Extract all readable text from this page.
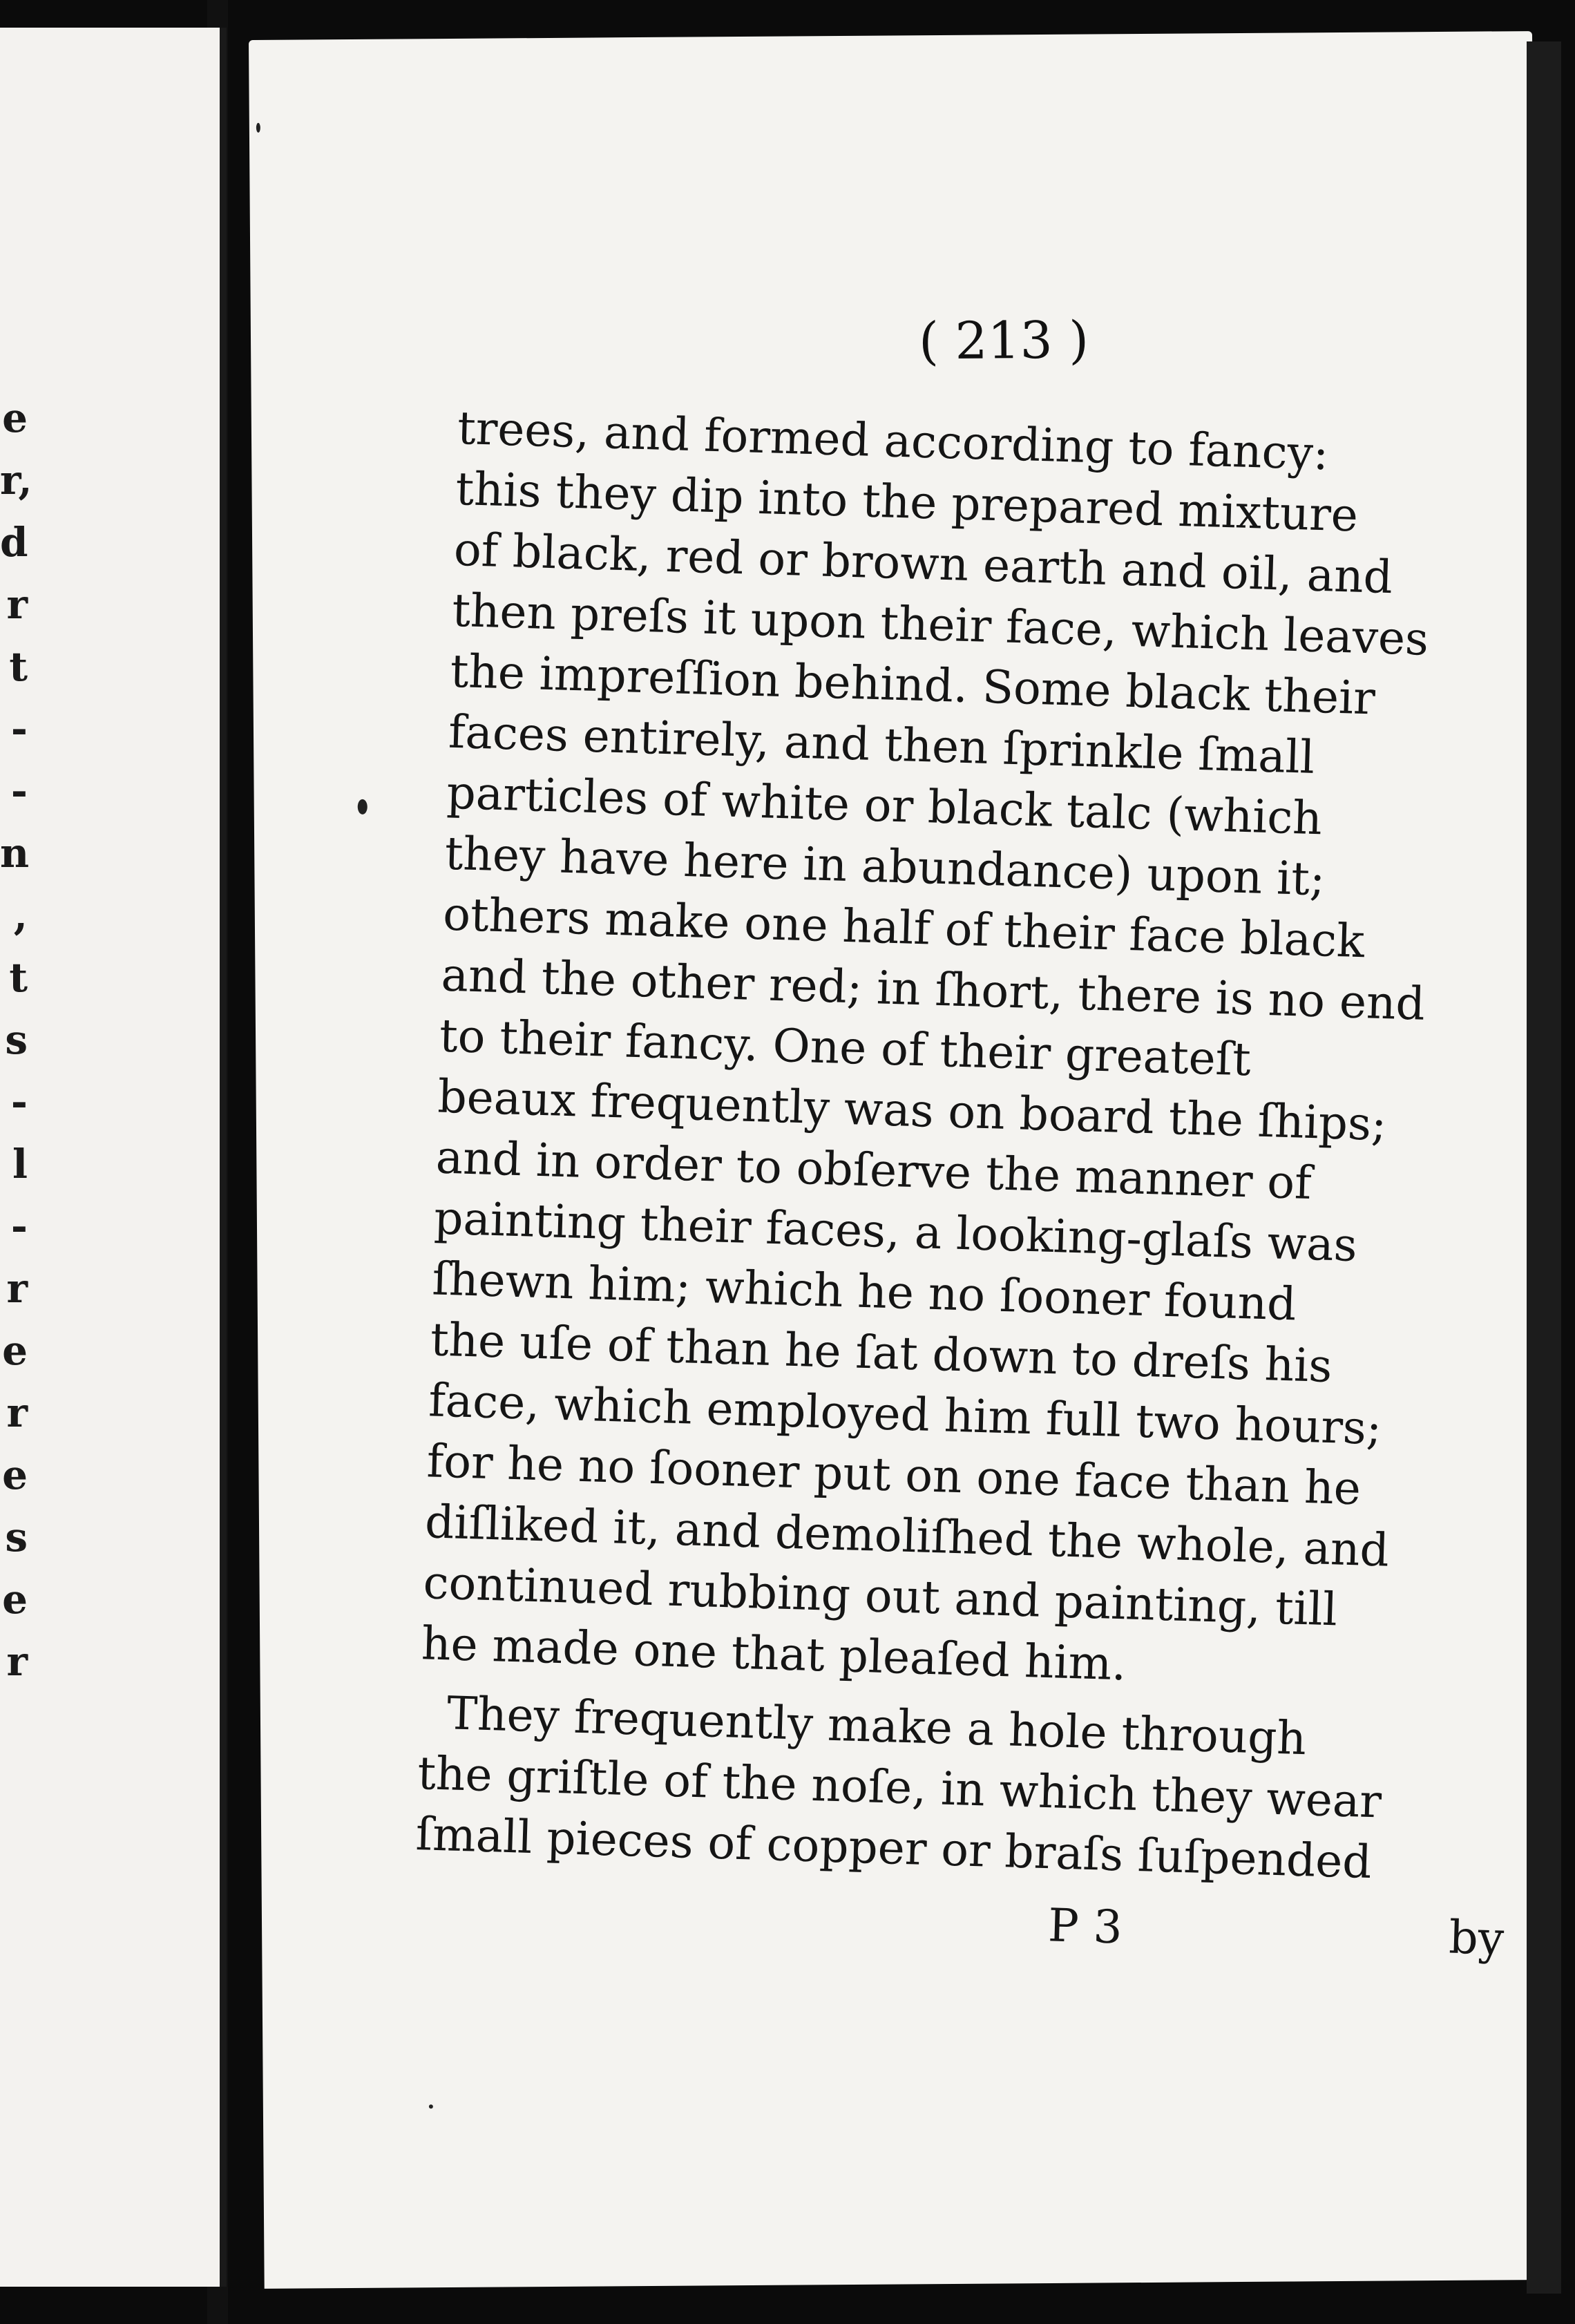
e
r,
d
r
t
-
-
n
,
t
s
-
l
-
r
e
r
e
s
e
r
( 213 )
trees, and formed according to fancy:
this they dip into the prepared mixture
of black, red or brown earth and oil, and
then preſs it upon their face, which leaves
the impreſſion behind. Some black their
faces entirely, and then ſprinkle ſmall
particles of white or black talc (which
they have here in abundance) upon it;
others make one half of their face black
and the other red; in ſhort, there is no end
to their fancy. One of their greateſt
beaux frequently was on board the ſhips;
and in order to obſerve the manner of
painting their faces, a looking-glaſs was
ſhewn him; which he no ſooner found
the uſe of than he ſat down to dreſs his
face, which employed him full two hours;
for he no ſooner put on one face than he
diſliked it, and demoliſhed the whole, and
continued rubbing out and painting, till
he made one that pleaſed him.
They frequently make a hole through
the griſtle of the noſe, in which they wear
ſmall pieces of copper or braſs ſuſpended
P 3	by
